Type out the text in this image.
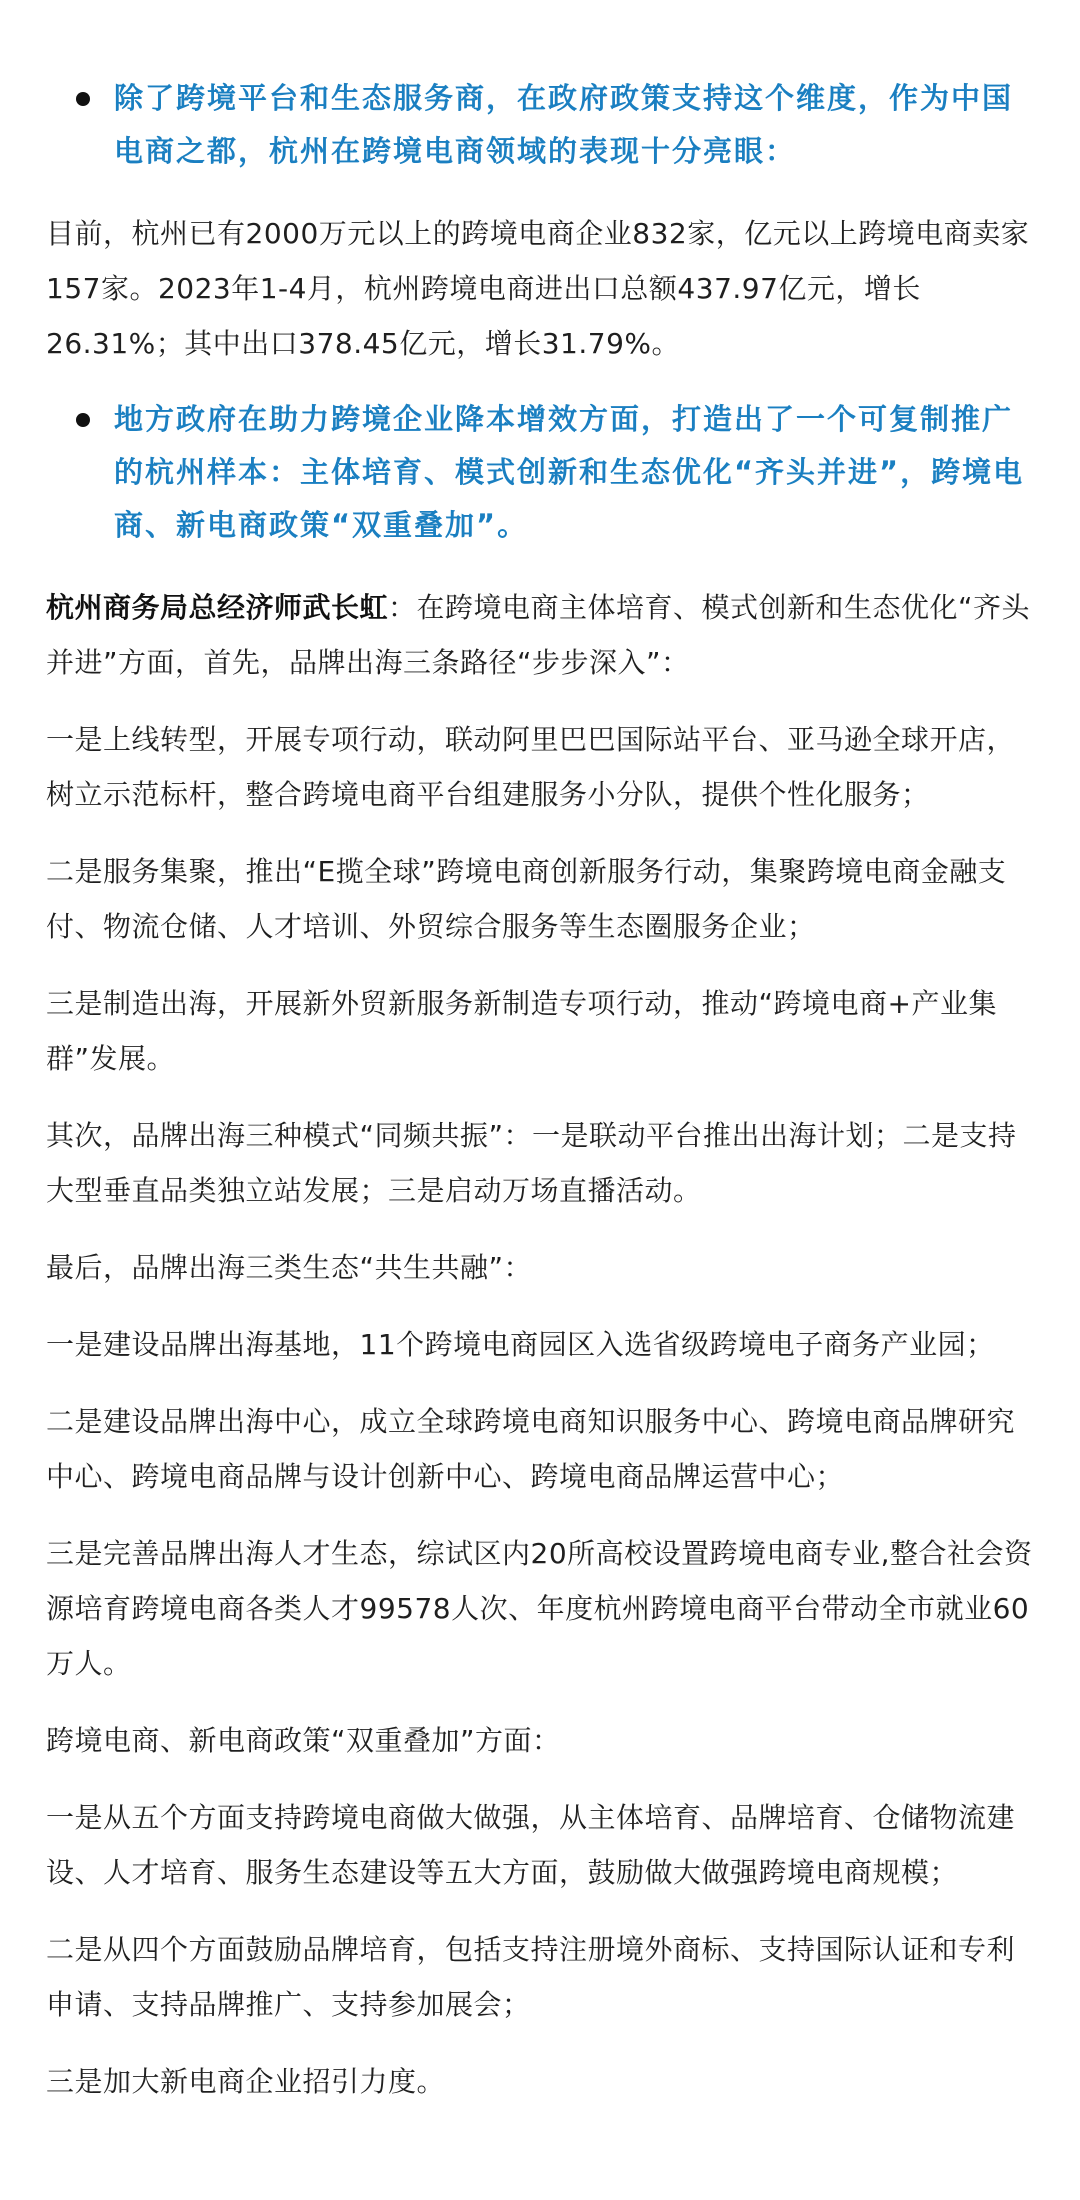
除了跨境平台和生态服务商，在政府政策支持这个维度，作为中国电商之都，杭州在跨境电商领域的表现十分亮眼：

目前，杭州已有2000万元以上的跨境电商企业832家，亿元以上跨境电商卖家157家。2023年1-4月，杭州跨境电商进出口总额437.97亿元，增长26.31%；其中出口378.45亿元，增长31.79%。

地方政府在助力跨境企业降本增效方面，打造出了一个可复制推广的杭州样本：主体培育、模式创新和生态优化“齐头并进”，跨境电商、新电商政策“双重叠加”。

杭州商务局总经济师武长虹：在跨境电商主体培育、模式创新和生态优化“齐头并进”方面，首先，品牌出海三条路径“步步深入”：

一是上线转型，开展专项行动，联动阿里巴巴国际站平台、亚马逊全球开店，树立示范标杆，整合跨境电商平台组建服务小分队，提供个性化服务；

二是服务集聚，推出“E揽全球”跨境电商创新服务行动，集聚跨境电商金融支付、物流仓储、人才培训、外贸综合服务等生态圈服务企业；

三是制造出海，开展新外贸新服务新制造专项行动，推动“跨境电商+产业集群”发展。

其次，品牌出海三种模式“同频共振”：一是联动平台推出出海计划；二是支持大型垂直品类独立站发展；三是启动万场直播活动。

最后，品牌出海三类生态“共生共融”：

一是建设品牌出海基地，11个跨境电商园区入选省级跨境电子商务产业园；

二是建设品牌出海中心，成立全球跨境电商知识服务中心、跨境电商品牌研究中心、跨境电商品牌与设计创新中心、跨境电商品牌运营中心；

三是完善品牌出海人才生态，综试区内20所高校设置跨境电商专业,整合社会资源培育跨境电商各类人才99578人次、年度杭州跨境电商平台带动全市就业60万人。

跨境电商、新电商政策“双重叠加”方面：

一是从五个方面支持跨境电商做大做强，从主体培育、品牌培育、仓储物流建设、人才培育、服务生态建设等五大方面，鼓励做大做强跨境电商规模；

二是从四个方面鼓励品牌培育，包括支持注册境外商标、支持国际认证和专利申请、支持品牌推广、支持参加展会；

三是加大新电商企业招引力度。
